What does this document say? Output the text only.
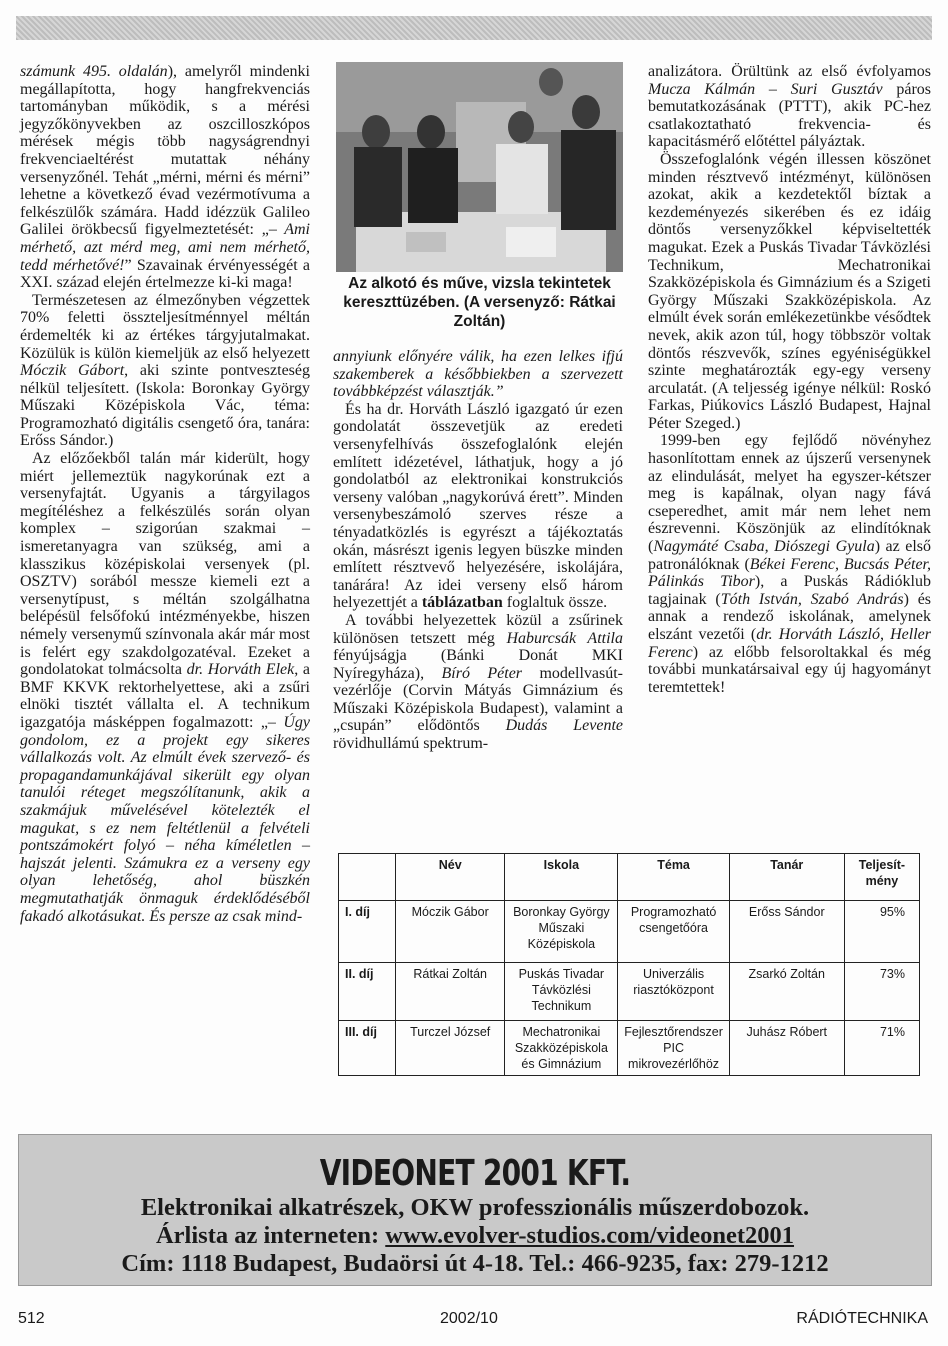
számunk 495. oldalán), amelyről mindenki megállapította, hogy hangfrekvenciás tartományban működik, s a mérési jegyzőkönyvekben az oszcilloszkópos mérések mégis több nagyságrendnyi frekvenciaeltérést mutattak néhány versenyzőnél. Tehát „mérni, mérni és mérni” lehetne a következő évad vezérmotívuma a felkészülők számára. Hadd idézzük Galileo Galilei örökbecsű figyelmeztetését: „– Ami mérhető, azt mérd meg, ami nem mérhető, tedd mérhetővé!” Szavainak érvényességét a XXI. század elején értelmezze ki-ki maga!

Természetesen az élmezőnyben végzettek 70% feletti összteljesítménnyel méltán érdemelték ki az értékes tárgyjutalmakat. Közülük is külön kiemeljük az első helyezett Móczik Gábort, aki szinte pontveszteség nélkül teljesített. (Iskola: Boronkay György Műszaki Középiskola Vác, téma: Programozható digitális csengető óra, tanára: Erőss Sándor.)

Az előzőekből talán már kiderült, hogy miért jellemeztük nagykorúnak ezt a versenyfajtát. Ugyanis a tárgyilagos megítéléshez a felkészülés során olyan komplex – szigorúan szakmai – ismeretanyagra van szükség, ami a klasszikus középiskolai versenyek (pl. OSZTV) sorából messze kiemeli ezt a versenytípust, s méltán szolgálhatna belépésül felsőfokú intézményekbe, hiszen némely versenymű színvonala akár már most is felért egy szakdolgozatéval. Ezeket a gondolatokat tolmácsolta dr. Horváth Elek, a BMF KKVK rektorhelyettese, aki a zsűri elnöki tisztét vállalta el. A technikum igazgatója másképpen fogalmazott: „– Úgy gondolom, ez a projekt egy sikeres vállalkozás volt. Az elmúlt évek szervező- és propagandamunkájával sikerült egy olyan tanulói réteget megszólítanunk, akik a szakmájuk művelésével kötelezték el magukat, s ez nem feltétlenül a felvételi pontszámokért folyó – néha kíméletlen – hajszát jelenti. Számukra ez a verseny egy olyan lehetőség, ahol büszkén megmutathatják önmaguk érdeklődéséből fakadó alkotásukat. És persze az csak mind-

Az alkotó és műve, vizsla tekintetek kereszttüzében. (A versenyző: Rátkai Zoltán)

annyiunk előnyére válik, ha ezen lelkes ifjú szakemberek a későbbiekben a szervezett továbbképzést választják.”

És ha dr. Horváth László igazgató úr ezen gondolatát összevetjük az eredeti versenyfelhívás összefoglalónk elején említett idézetével, láthatjuk, hogy a jó gondolatból az elektronikai konstrukciós verseny valóban „nagykorúvá érett”. Minden versenybeszámoló szerves része a tényadatközlés is egyrészt a tájékoztatás okán, másrészt igenis legyen büszke minden említett résztvevő helyezésére, iskolájára, tanárára! Az idei verseny első három helyezettjét a táblázatban foglaltuk össze.

A további helyezettek közül a zsűrinek különösen tetszett még Haburcsák Attila fényújságja (Bánki Donát MKI Nyíregyháza), Bíró Péter modellvasút-vezérlője (Corvin Mátyás Gimnázium és Műszaki Középiskola Budapest), valamint a „csupán” elődöntős Dudás Levente rövidhullámú spektrum-

analizátora. Örültünk az első évfolyamos Mucza Kálmán – Suri Gusztáv páros bemutatkozásának (PTTT), akik PC-hez csatlakoztatható frekvencia- és kapacitásmérő előtéttel pályáztak.

Összefoglalónk végén illessen köszönet minden résztvevő intézményt, különösen azokat, akik a kezdetektől bíztak a kezdeményezés sikerében és ez idáig döntős versenyzőkkel képviseltették magukat. Ezek a Puskás Tivadar Távközlési Technikum, Mechatronikai Szakközépiskola és Gimnázium és a Szigeti György Műszaki Szakközépiskola. Az elmúlt évek során emlékezetünkbe vésődtek nevek, akik azon túl, hogy többször voltak döntős részvevők, színes egyéniségükkel szinte meghatározták egy-egy verseny arculatát. (A teljesség igénye nélkül: Roskó Farkas, Piúkovics László Budapest, Hajnal Péter Szeged.)

1999-ben egy fejlődő növényhez hasonlítottam ennek az újszerű versenynek az elindulását, melyet ha egyszer-kétszer meg is kapálnak, olyan nagy fává cseperedhet, amit már nem lehet nem észrevenni. Köszönjük az elindítóknak (Nagymáté Csaba, Diószegi Gyula) az első patronálóknak (Békei Ferenc, Bucsás Péter, Pálinkás Tibor), a Puskás Rádióklub tagjainak (Tóth István, Szabó András) és annak a rendező iskolának, amelynek elszánt vezetői (dr. Horváth László, Heller Ferenc) az előbb felsoroltakkal és még további munkatársaival egy új hagyományt teremtettek!

	Név	Iskola	Téma	Tanár	Teljesít-
mény
I. díj	Móczik Gábor	Boronkay György Műszaki Középiskola	Programozható csengetőóra	Erőss Sándor	95%
II. díj	Rátkai Zoltán	Puskás Tivadar Távközlési Technikum	Univerzális riasztóközpont	Zsarkó Zoltán	73%
III. díj	Turczel József	Mechatronikai Szakközépiskola és Gimnázium	Fejlesztőrendszer PIC mikrovezérlőhöz	Juhász Róbert	71%
VIDEONET 2001 KFT.
Elektronikai alkatrészek, OKW professzionális műszerdobozok.
Árlista az interneten: www.evolver-studios.com/videonet2001
Cím: 1118 Budapest, Budaörsi út 4-18. Tel.: 466-9235, fax: 279-1212
512	2002/10	RÁDIÓTECHNIKA
